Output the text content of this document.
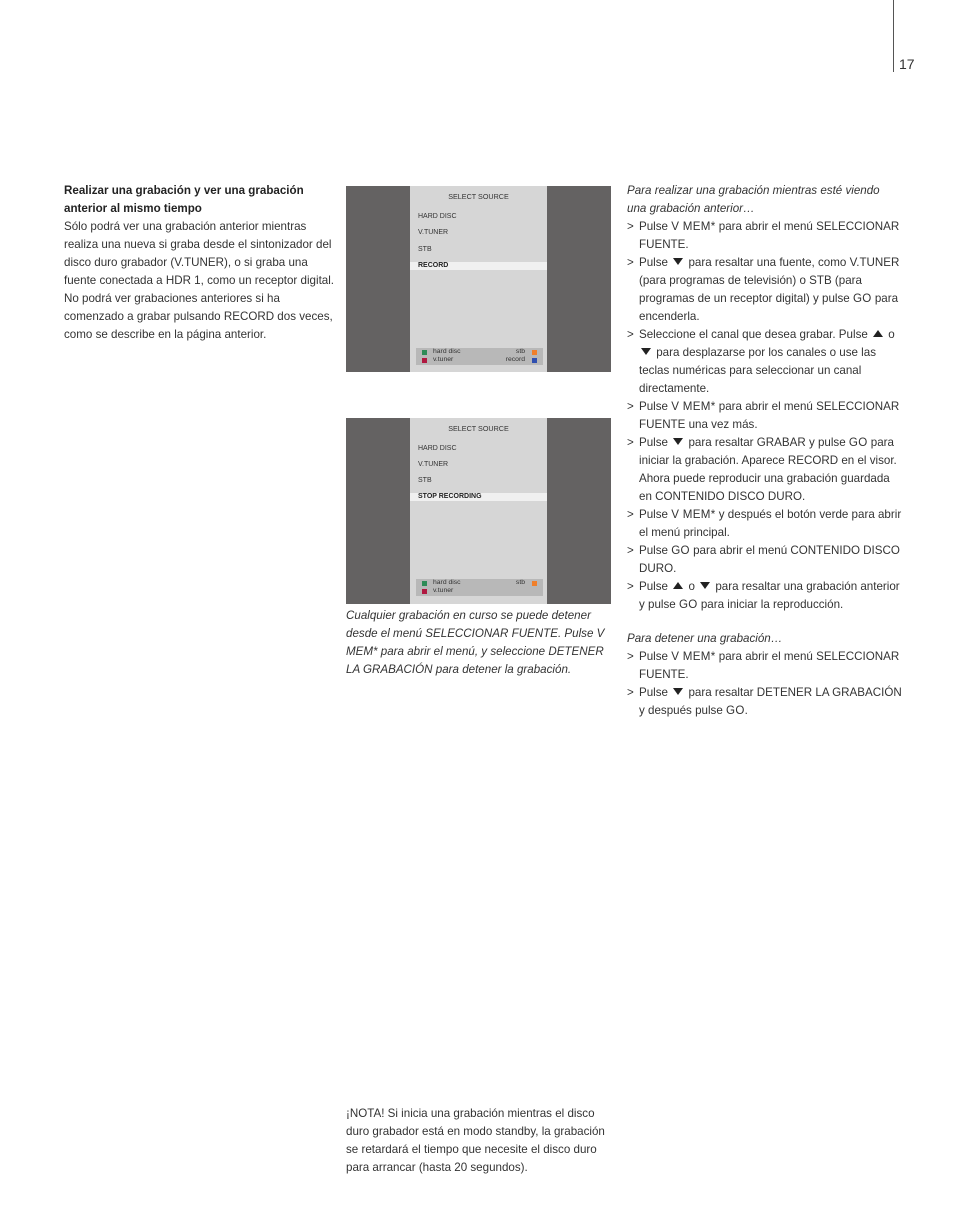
17
Realizar una grabación y ver una grabación anterior al mismo tiempo
Sólo podrá ver una grabación anterior mientras realiza una nueva si graba desde el sintonizador del disco duro grabador (V.TUNER), o si graba una fuente conectada a HDR 1, como un receptor digital. No podrá ver grabaciones anteriores si ha comenzado a grabar pulsando RECORD dos veces, como se describe en la página anterior.
SELECT SOURCE
HARD DISC
V.TUNER
STB
RECORD
hard disc
v.tuner
stb
record
SELECT SOURCE
HARD DISC
V.TUNER
STB
STOP RECORDING
hard disc
v.tuner
stb
Cualquier grabación en curso se puede detener desde el menú SELECCIONAR FUENTE. Pulse V MEM* para abrir el menú, y seleccione DETENER LA GRABACIÓN para detener la grabación.
¡NOTA! Si inicia una grabación mientras el disco duro grabador está en modo standby, la grabación se retardará el tiempo que necesite el disco duro para arrancar (hasta 20 segundos).
Para realizar una grabación mientras esté viendo una grabación anterior…
> Pulse V MEM* para abrir el menú SELECCIONAR FUENTE.
> Pulse  para resaltar una fuente, como V.TUNER (para programas de televisión) o STB (para programas de un receptor digital) y pulse GO para encenderla.
> Seleccione el canal que desea grabar. Pulse  o  para desplazarse por los canales o use las teclas numéricas para seleccionar un canal directamente.
> Pulse V MEM* para abrir el menú SELECCIONAR FUENTE una vez más.
> Pulse  para resaltar GRABAR y pulse GO para iniciar la grabación. Aparece RECORD en el visor. Ahora puede reproducir una grabación guardada en CONTENIDO DISCO DURO.
> Pulse V MEM* y después el botón verde para abrir el menú principal.
> Pulse GO para abrir el menú CONTENIDO DISCO DURO.
> Pulse  o  para resaltar una grabación anterior y pulse GO para iniciar la reproducción.
Para detener una grabación…
> Pulse V MEM* para abrir el menú SELECCIONAR FUENTE.
> Pulse  para resaltar DETENER LA GRABACIÓN y después pulse GO.
